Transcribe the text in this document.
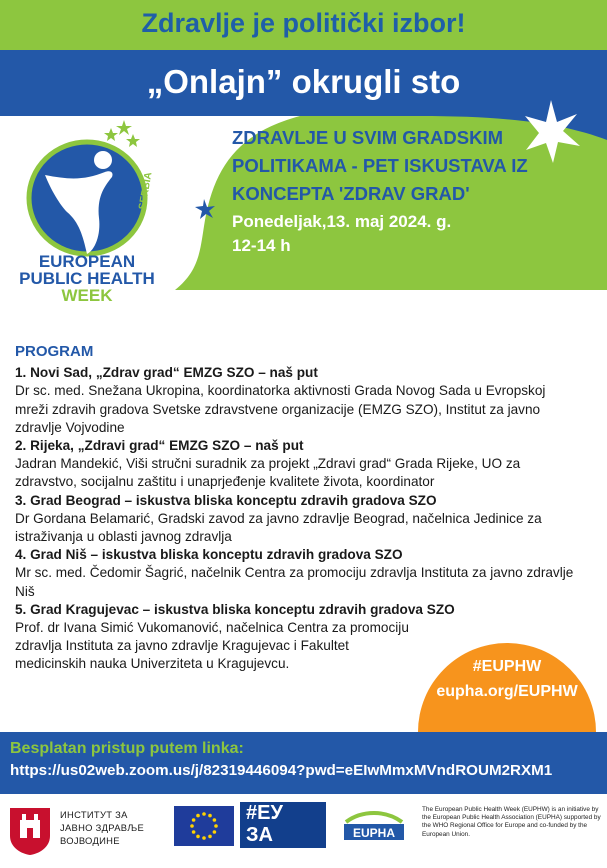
Zdravlje je politički izbor!
„Onlajn” okrugli sto
SERBIA
EUROPEAN
PUBLIC HEALTH
WEEK
ZDRAVLJE U SVIM GRADSKIM
POLITIKAMA - PET ISKUSTAVA IZ
KONCEPTA 'ZDRAV GRAD'
Ponedeljak,13. maj 2024. g.
12-14 h
PROGRAM
1. Novi Sad, „Zdrav grad“ EMZG SZO – naš put
Dr sc. med. Snežana Ukropina, koordinatorka aktivnosti Grada Novog Sada u Evropskoj mreži zdravih gradova Svetske zdravstvene organizacije (EMZG SZO), Institut za javno zdravlje Vojvodine
2. Rijeka, „Zdravi grad“ EMZG SZO – naš put
Jadran Mandekić, Viši stručni suradnik za projekt „Zdravi grad“ Grada Rijeke, UO za zdravstvo, socijalnu zaštitu i unaprjeđenje kvalitete života, koordinator
3. Grad Beograd – iskustva bliska konceptu zdravih gradova SZO
Dr Gordana Belamarić, Gradski zavod za javno zdravlje Beograd, načelnica Jedinice za istraživanja u oblasti javnog zdravlja
4. Grad Niš – iskustva bliska konceptu zdravih gradova SZO
Mr sc. med. Čedomir Šagrić, načelnik Centra za promociju zdravlja Instituta za javno zdravlje Niš
5. Grad Kragujevac – iskustva bliska konceptu zdravih gradova SZO
Prof. dr Ivana Simić Vukomanović, načelnica Centra za promociju zdravlja Instituta za javno zdravlje Kragujevac i Fakultet medicinskih nauka Univerziteta u Kragujevcu.	#EUPHW
eupha.org/EUPHW
Besplatan pristup putem linka:
https://us02web.zoom.us/j/82319446094?pwd=eEIwMmxMVndROUM2RXM1
ИНСТИТУТ ЗА
ЈАВНО ЗДРАВЉЕ
ВОЈВОДИНЕ
#ЕУ
ЗА ТЕБЕ
EUPHA
The European Public Health Week (EUPHW) is an initiative by the European Public Health Association (EUPHA) supported by the WHO Regional Office for Europe and co-funded by the European Union.
